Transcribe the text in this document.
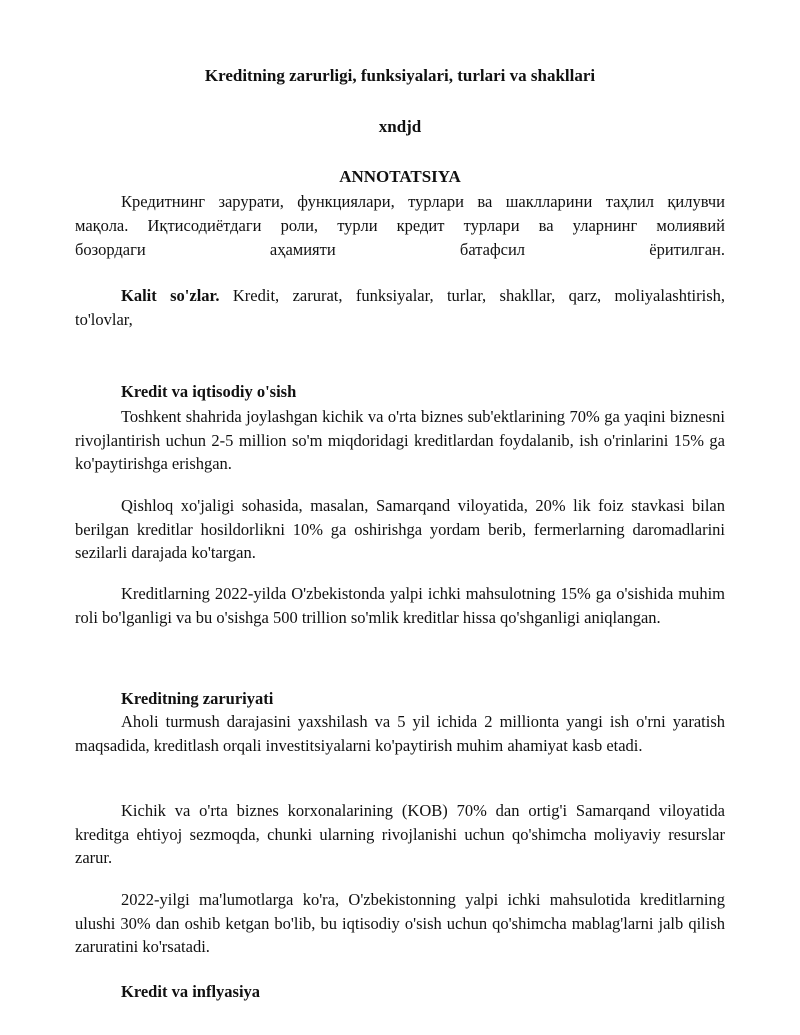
Kreditning zarurligi, funksiyalari, turlari va shakllari
xndjd
ANNOTATSIYA
Кредитнинг зарурати, функциялари, турлари ва шаклларини таҳлил қилувчи
мақола. Иқтисодиётдаги роли, турли кредит турлари ва уларнинг молиявий
бозордаги	аҳамияти	батафсил	ёритилган.
Kalit so'zlar. Kredit, zarurat, funksiyalar, turlar, shakllar, qarz, moliyalashtirish,
to'lovlar,
Kredit va iqtisodiy o'sish

Toshkent shahrida joylashgan kichik va o'rta biznes sub'ektlarining 70% ga yaqini biznesni rivojlantirish uchun 2-5 million so'm miqdoridagi kreditlardan foydalanib, ish o'rinlarini 15% ga ko'paytirishga erishgan.

Qishloq xo'jaligi sohasida, masalan, Samarqand viloyatida, 20% lik foiz stavkasi bilan berilgan kreditlar hosildorlikni 10% ga oshirishga yordam berib, fermerlarning daromadlarini sezilarli darajada ko'targan.

Kreditlarning 2022-yilda O'zbekistonda yalpi ichki mahsulotning 15% ga o'sishida muhim roli bo'lganligi va bu o'sishga 500 trillion so'mlik kreditlar hissa qo'shganligi aniqlangan.

Kreditning zaruriyati

Aholi turmush darajasini yaxshilash va 5 yil ichida 2 millionta yangi ish o'rni yaratish maqsadida, kreditlash orqali investitsiyalarni ko'paytirish muhim ahamiyat kasb etadi.

Kichik va o'rta biznes korxonalarining (KOB) 70% dan ortig'i Samarqand viloyatida kreditga ehtiyoj sezmoqda, chunki ularning rivojlanishi uchun qo'shimcha moliyaviy resurslar zarur.

2022-yilgi ma'lumotlarga ko'ra, O'zbekistonning yalpi ichki mahsulotida kreditlarning ulushi 30% dan oshib ketgan bo'lib, bu iqtisodiy o'sish uchun qo'shimcha mablag'larni jalb qilish zaruratini ko'rsatadi.

Kredit va inflyasiya
